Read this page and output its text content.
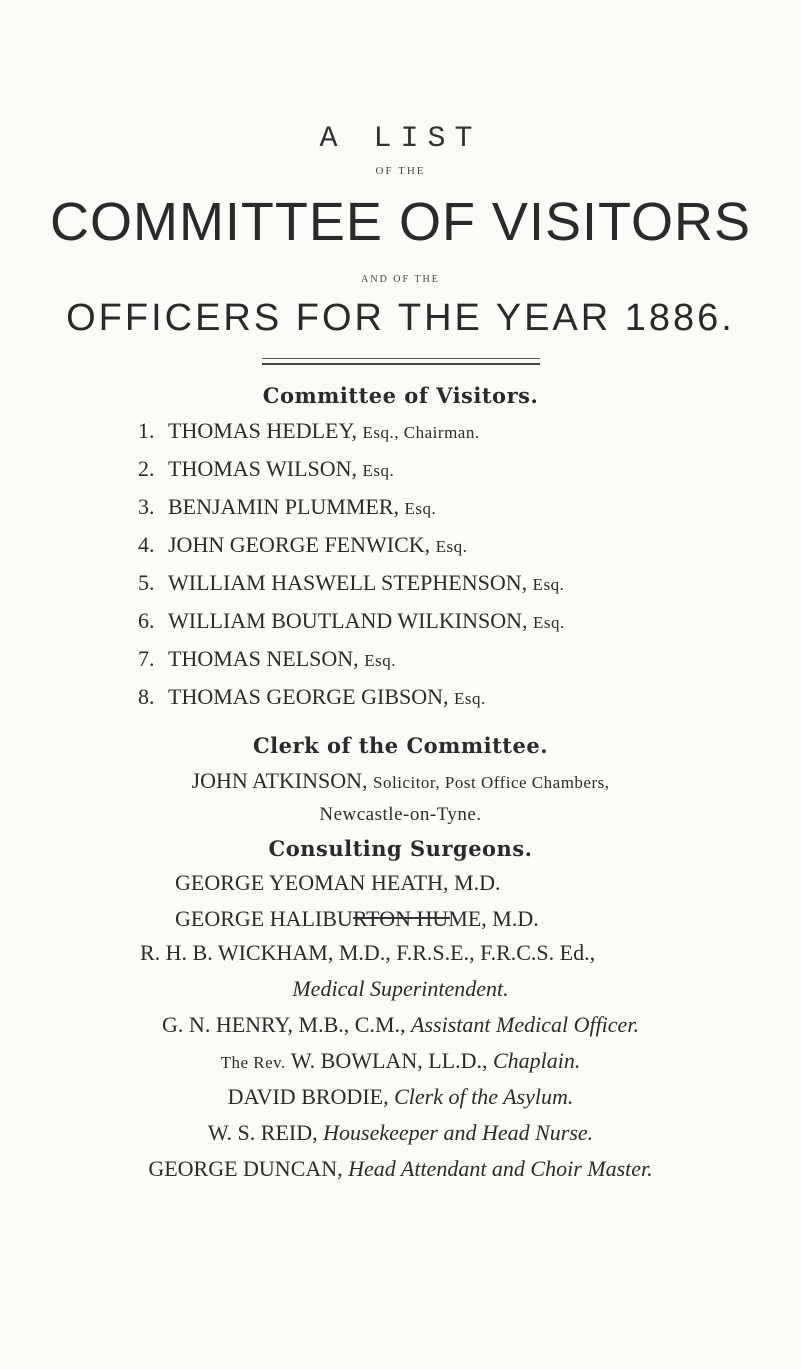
A LIST
OF THE
COMMITTEE OF VISITORS
AND OF THE
OFFICERS FOR THE YEAR 1886.
Committee of Visitors.
1. THOMAS HEDLEY, Esq., Chairman.
2. THOMAS WILSON, Esq.
3. BENJAMIN PLUMMER, Esq.
4. JOHN GEORGE FENWICK, Esq.
5. WILLIAM HASWELL STEPHENSON, Esq.
6. WILLIAM BOUTLAND WILKINSON, Esq.
7. THOMAS NELSON, Esq.
8. THOMAS GEORGE GIBSON, Esq.
Clerk of the Committee.
JOHN ATKINSON, Solicitor, Post Office Chambers,
Newcastle-on-Tyne.
Consulting Surgeons.
GEORGE YEOMAN HEATH, M.D.
GEORGE HALIBURTON HUME, M.D.
R. H. B. WICKHAM, M.D., F.R.S.E., F.R.C.S. Ed.,
Medical Superintendent.
G. N. HENRY, M.B., C.M., Assistant Medical Officer.
The Rev. W. BOWLAN, LL.D., Chaplain.
DAVID BRODIE, Clerk of the Asylum.
W. S. REID, Housekeeper and Head Nurse.
GEORGE DUNCAN, Head Attendant and Choir Master.
